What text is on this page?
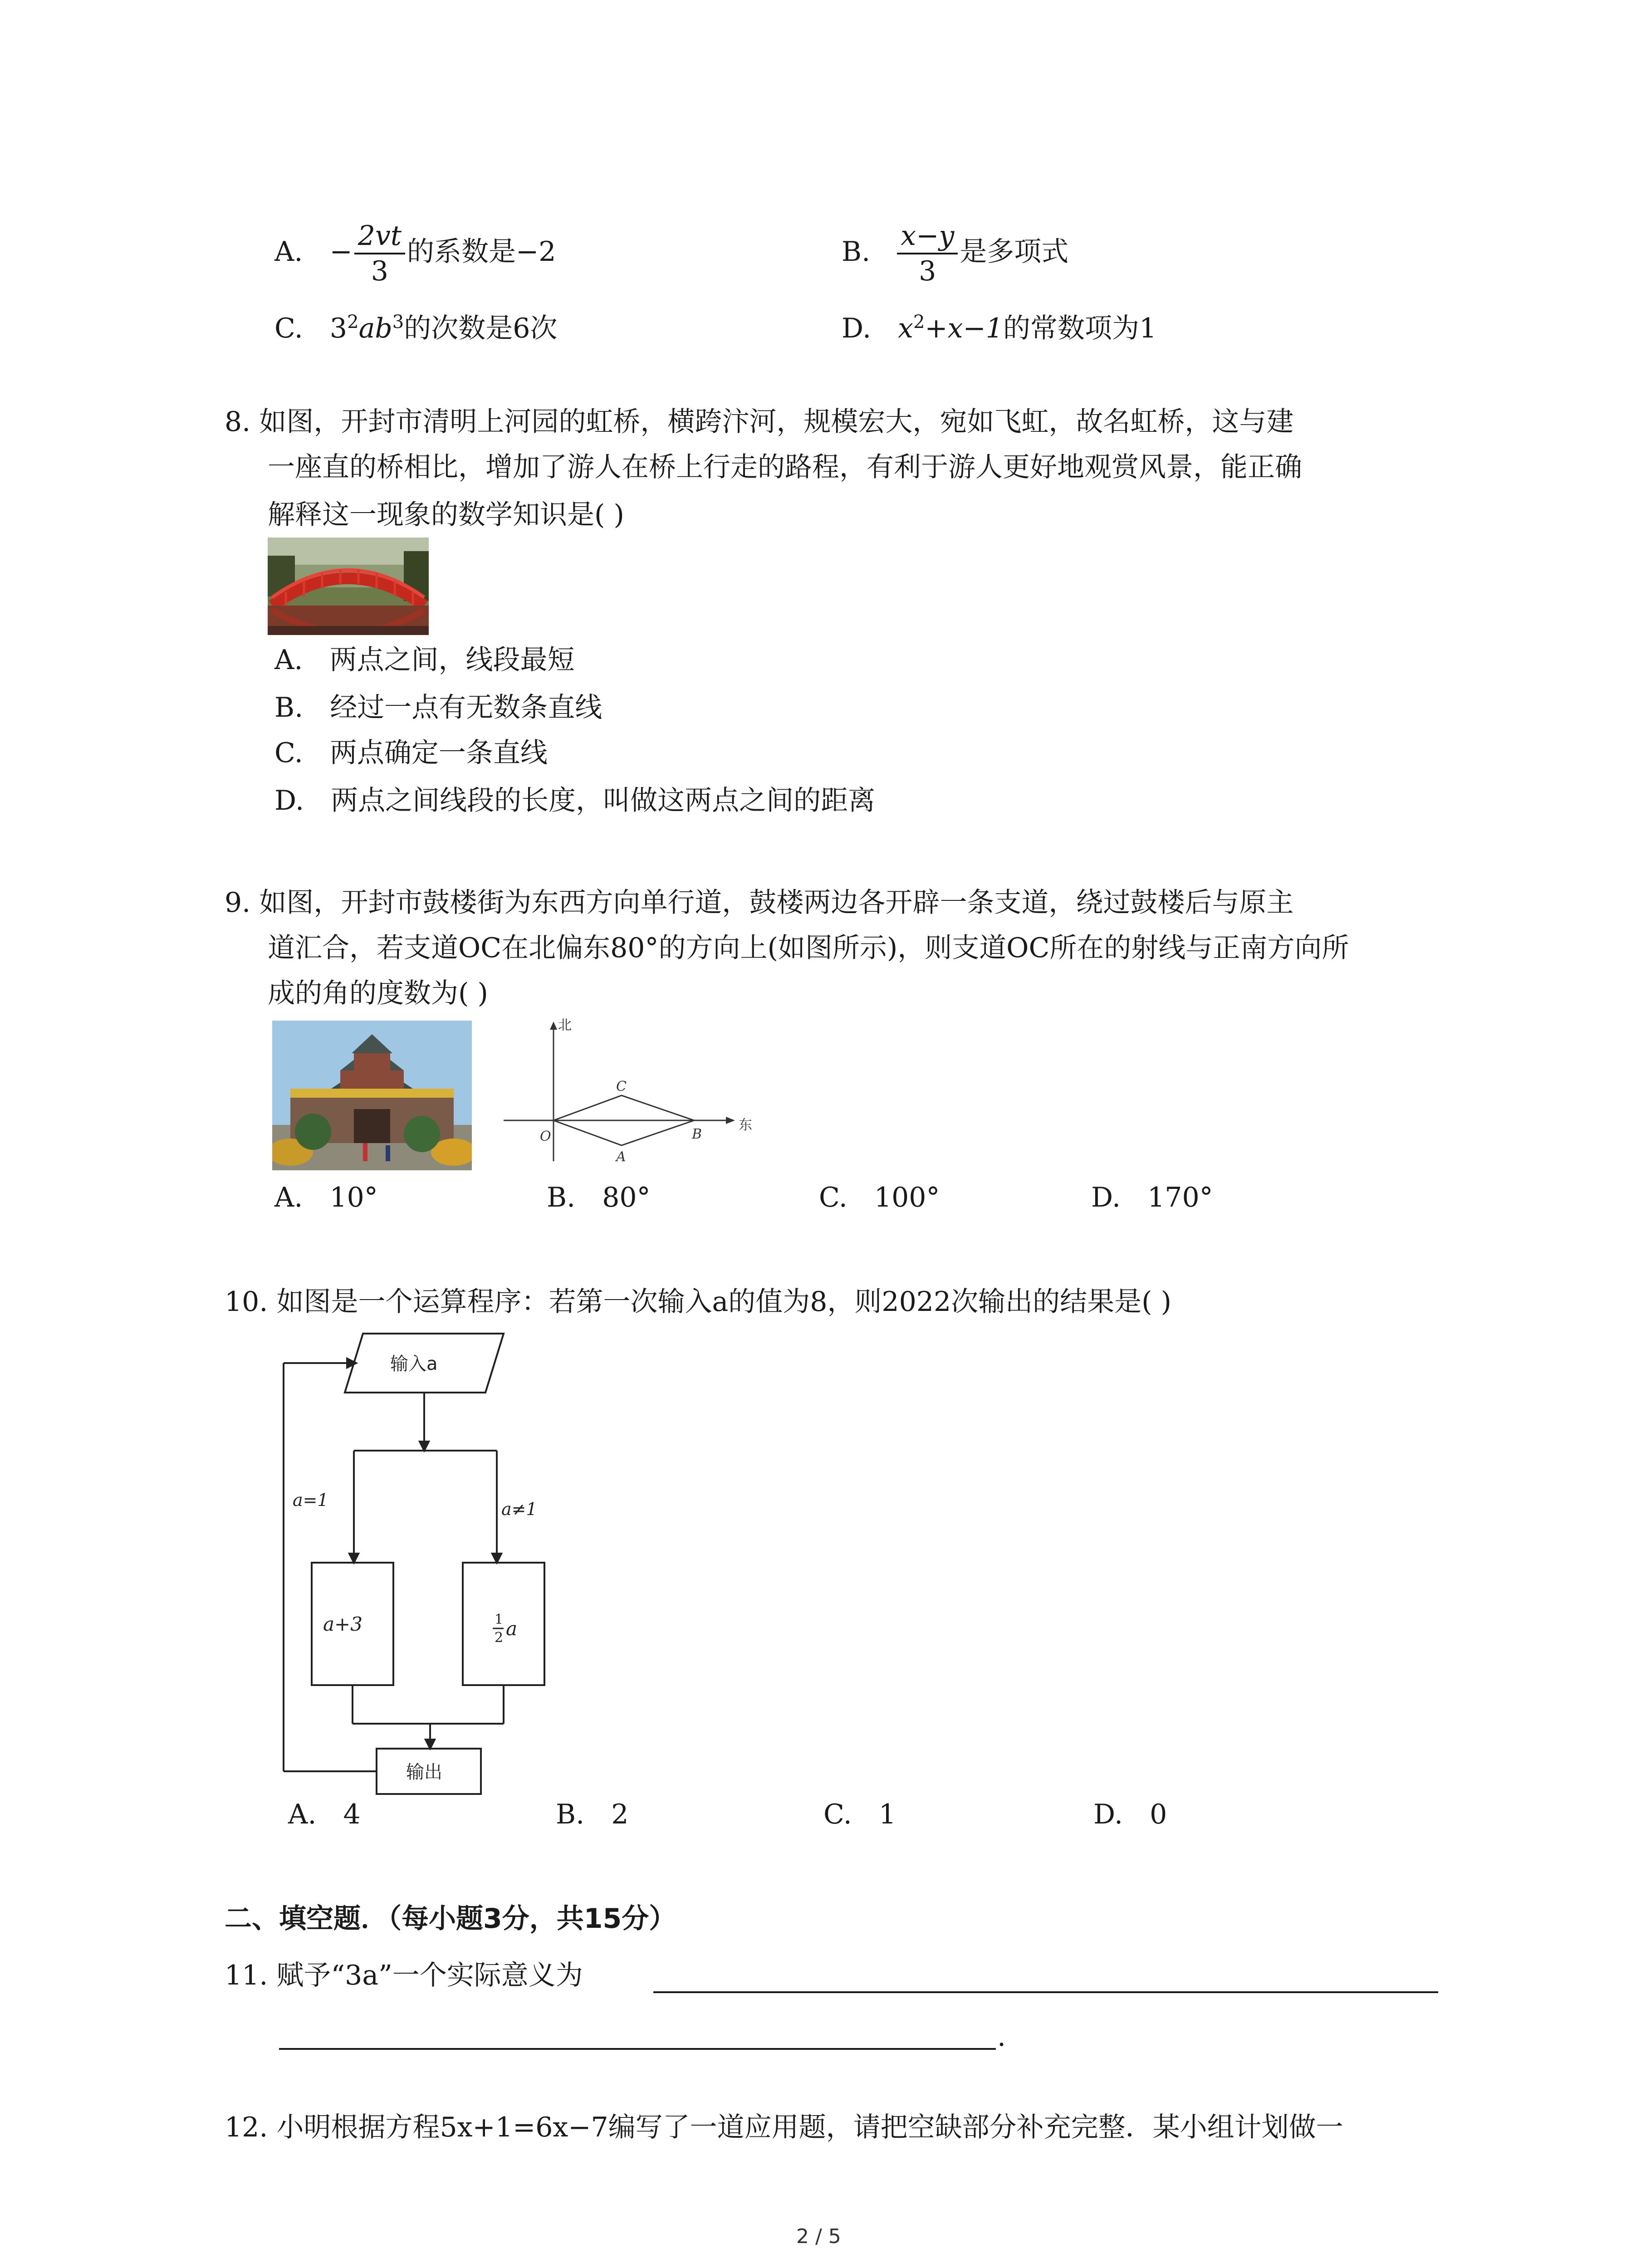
A. − $\frac{2vt}{3}$ 的系数是−2	B. $\frac{x-y}{3}$ 是多项式
C. $3^2ab^3$的次数是6次	D. $x^2+x-1$的常数项为1
8. 如图，开封市清明上河园的虹桥，横跨汴河，规模宏大，宛如飞虹，故名虹桥，这与建
一座直的桥相比，增加了游人在桥上行走的路程，有利于游人更好地观赏风景，能正确
解释这一现象的数学知识是( )
A. 两点之间，线段最短
B. 经过一点有无数条直线
C. 两点确定一条直线
D. 两点之间线段的长度，叫做这两点之间的距离
9. 如图，开封市鼓楼街为东西方向单行道，鼓楼两边各开辟一条支道，绕过鼓楼后与原主
道汇合，若支道OC在北偏东80°的方向上(如图所示)，则支道OC所在的射线与正南方向所
成的角的度数为( )
北
东
O
C
A
B
A. 10°	B. 80°	C. 100°	D. 170°
10. 如图是一个运算程序：若第一次输入a的值为8，则2022次输出的结果是( )
输入a
a=1	a≠1
a+3	1
2 a
输出
A. 4	B. 2	C. 1	D. 0
二、填空题．（每小题3分，共15分）
11. 赋予“3a”一个实际意义为
.
12. 小明根据方程5x+1=6x−7编写了一道应用题，请把空缺部分补充完整．某小组计划做一
2 / 5
